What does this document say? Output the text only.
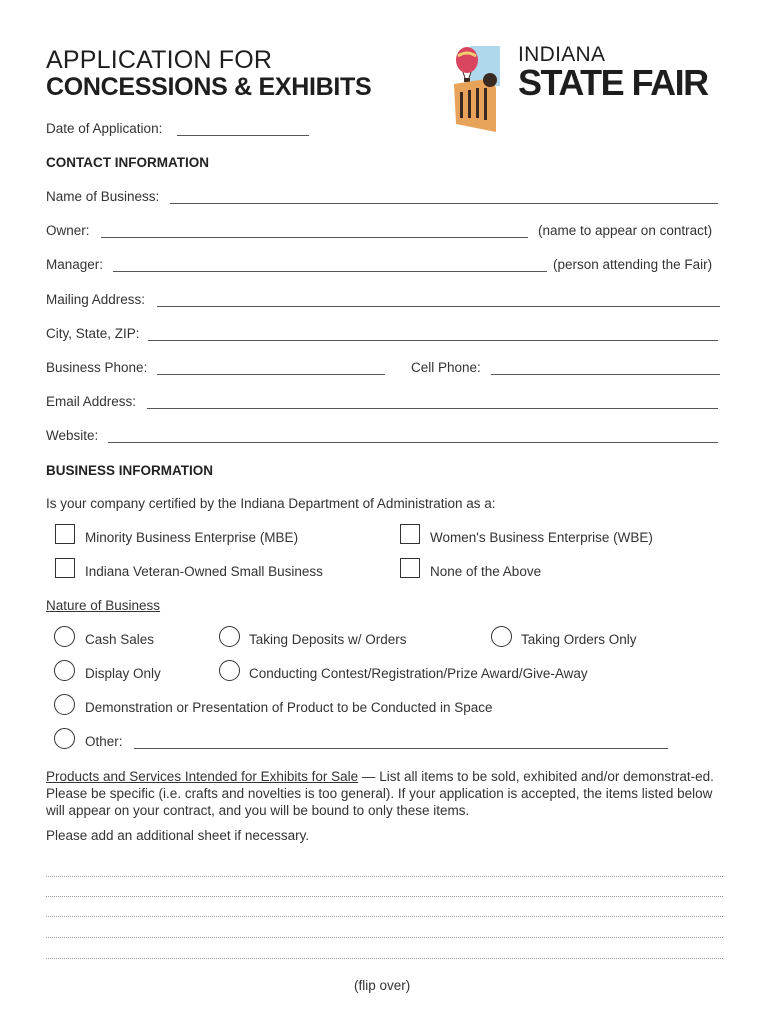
APPLICATION FOR
CONCESSIONS & EXHIBITS
INDIANA
STATE FAIR
Date of Application:
CONTACT INFORMATION
Name of Business:
Owner:	(name to appear on contract)
Manager:	(person attending the Fair)
Mailing Address:
City, State, ZIP:
Business Phone:	Cell Phone:
Email Address:
Website:
BUSINESS INFORMATION
Is your company certified by the Indiana Department of Administration as a:
Minority Business Enterprise (MBE)	Women's Business Enterprise (WBE)
Indiana Veteran-Owned Small Business	None of the Above
Nature of Business
Cash Sales	Taking Deposits w/ Orders	Taking Orders Only
Display Only	Conducting Contest/Registration/Prize Award/Give-Away
Demonstration or Presentation of Product to be Conducted in Space
Other:
Products and Services Intended for Exhibits for Sale — List all items to be sold, exhibited and/or demonstrat-ed. Please be specific (i.e. crafts and novelties is too general). If your application is accepted, the items listed below will appear on your contract, and you will be bound to only these items.
Please add an additional sheet if necessary.
(flip over)
